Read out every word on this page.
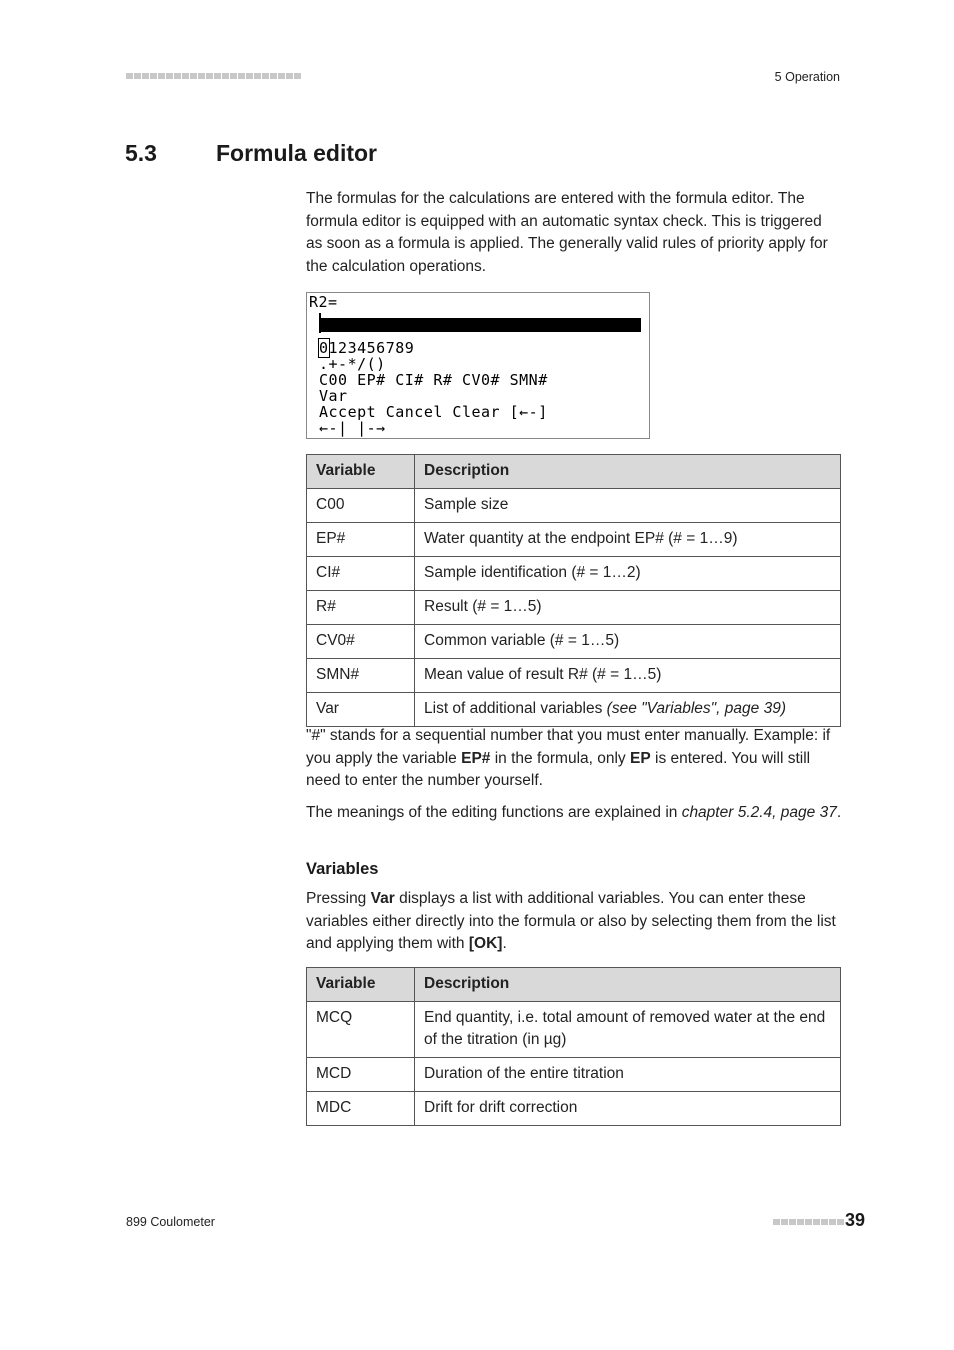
5 Operation
5.3	Formula editor

The formulas for the calculations are entered with the formula editor. The formula editor is equipped with an automatic syntax check. This is triggered as soon as a formula is applied. The generally valid rules of priority apply for the calculation operations.

R2=
0123456789
.+-*/()
C00 EP# CI# R# CV0# SMN#
Var
Accept Cancel Clear [←-]
←-| |-→
Variable	Description
C00	Sample size
EP#	Water quantity at the endpoint EP# (# = 1…9)
CI#	Sample identification (# = 1…2)
R#	Result (# = 1…5)
CV0#	Common variable (# = 1…5)
SMN#	Mean value of result R# (# = 1…5)
Var	List of additional variables (see "Variables", page 39)

"#" stands for a sequential number that you must enter manually. Example: if you apply the variable EP# in the formula, only EP is entered. You will still need to enter the number yourself.

The meanings of the editing functions are explained in chapter 5.2.4, page 37.

Variables

Pressing Var displays a list with additional variables. You can enter these variables either directly into the formula or also by selecting them from the list and applying them with [OK].

Variable	Description
MCQ	End quantity, i.e. total amount of removed water at the end of the titration (in µg)
MCD	Duration of the entire titration
MDC	Drift for drift correction
899 Coulometer	39
